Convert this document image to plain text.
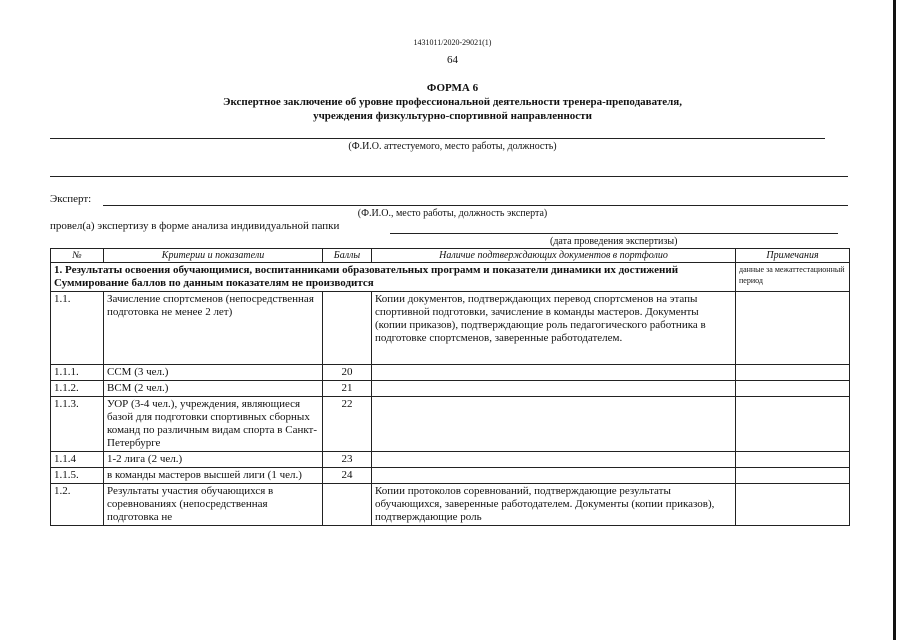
1431011/2020-29021(1)
64
ФОРМА 6
Экспертное заключение об уровне профессиональной деятельности тренера-преподавателя,
учреждения физкультурно-спортивной направленности
(Ф.И.О. аттестуемого, место работы, должность)
Эксперт:
(Ф.И.О., место работы, должность эксперта)
провел(а) экспертизу в форме анализа индивидуальной папки
(дата проведения экспертизы)
№	Критерии и показатели	Баллы	Наличие подтверждающих документов в портфолио	Примечания

1. Результаты освоения обучающимися, воспитанниками образовательных программ и показатели динамики их достижений
Суммирование баллов по данным показателям не производится				данные за межаттестационный период
1.1.	Зачисление спортсменов (непосредственная подготовка не менее 2 лет)		Копии документов, подтверждающих перевод спортсменов на этапы спортивной подготовки, зачисление в команды мастеров. Документы (копии приказов), подтверждающие роль педагогического работника в подготовке спортсменов, заверенные работодателем.	
1.1.1.	ССМ (3 чел.)	20		
1.1.2.	ВСМ (2 чел.)	21		
1.1.3.	УОР (3-4 чел.), учреждения, являющиеся базой для подготовки спортивных сборных команд по различным видам спорта в Санкт-Петербурге	22		
1.1.4	1-2 лига (2 чел.)	23		
1.1.5.	в команды мастеров высшей лиги (1 чел.)	24		
1.2.	Результаты участия обучающихся в соревнованиях (непосредственная подготовка не		Копии протоколов соревнований, подтверждающие результаты обучающихся, заверенные работодателем. Документы (копии приказов), подтверждающие роль	
